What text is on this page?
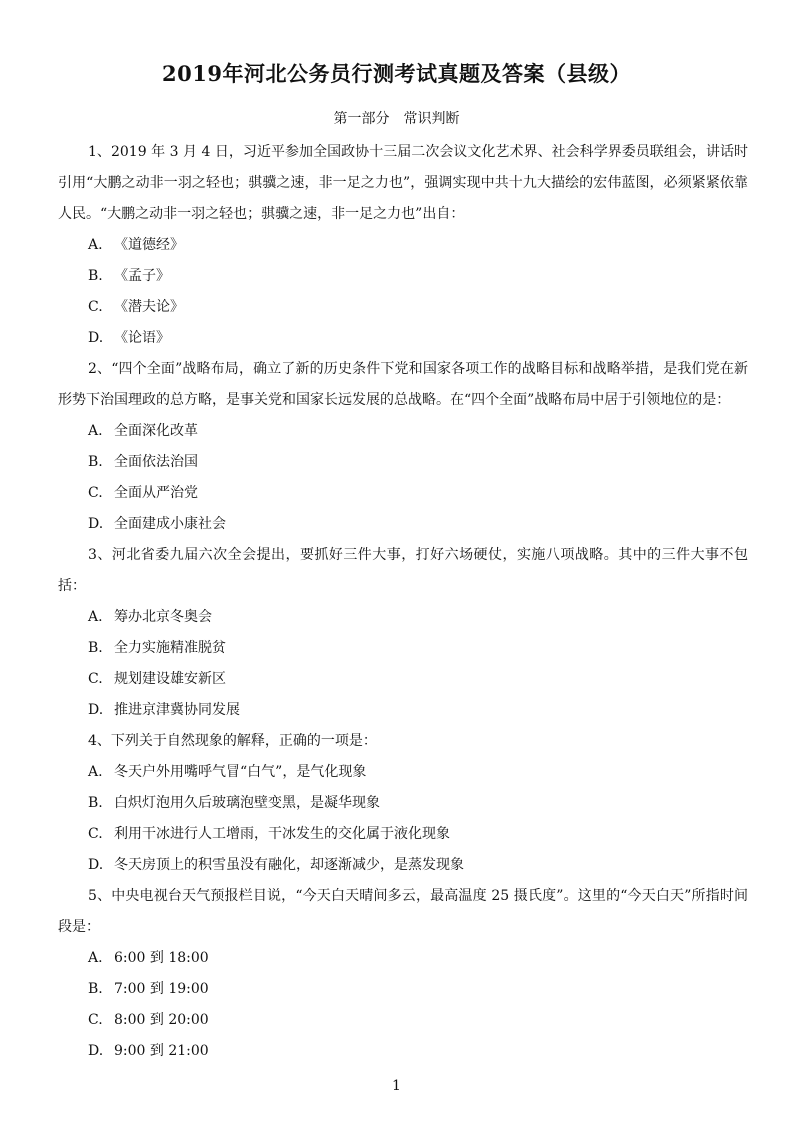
2019年河北公务员行测考试真题及答案（县级）
第一部分　常识判断

1、2019 年 3 月 4 日，习近平参加全国政协十三届二次会议文化艺术界、社会科学界委员联组会，讲话时引用“大鹏之动非一羽之轻也；骐骥之速，非一足之力也”，强调实现中共十九大描绘的宏伟蓝图，必须紧紧依靠人民。“大鹏之动非一羽之轻也；骐骥之速，非一足之力也”出自：

A. 《道德经》

B. 《孟子》

C. 《潜夫论》

D. 《论语》

2、“四个全面”战略布局，确立了新的历史条件下党和国家各项工作的战略目标和战略举措，是我们党在新形势下治国理政的总方略，是事关党和国家长远发展的总战略。在“四个全面”战略布局中居于引领地位的是：

A. 全面深化改革

B. 全面依法治国

C. 全面从严治党

D. 全面建成小康社会

3、河北省委九届六次全会提出，要抓好三件大事，打好六场硬仗，实施八项战略。其中的三件大事不包括：

A. 筹办北京冬奥会

B. 全力实施精准脱贫

C. 规划建设雄安新区

D. 推进京津冀协同发展

4、下列关于自然现象的解释，正确的一项是：

A. 冬天户外用嘴呼气冒“白气”，是气化现象

B. 白炽灯泡用久后玻璃泡壁变黑，是凝华现象

C. 利用干冰进行人工增雨，干冰发生的交化属于液化现象

D. 冬天房顶上的积雪虽没有融化，却逐渐减少，是蒸发现象

5、中央电视台天气预报栏目说，“今天白天晴间多云，最高温度 25 摄氏度”。这里的“今天白天”所指时间段是：

A. 6:00 到 18:00

B. 7:00 到 19:00

C. 8:00 到 20:00

D. 9:00 到 21:00

1
